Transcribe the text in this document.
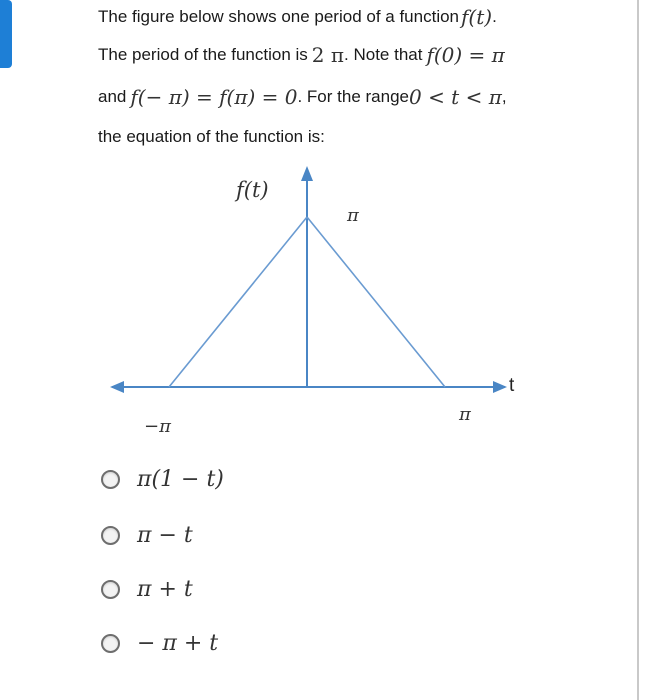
The figure below shows one period of a function f(t) .
The period of the function is 2 π . Note that f(0) = π
and f(− π) = f(π) = 0 . For the range 0 < t < π ,
the equation of the function is:
f(t)
t
π
−π
π
π(1 − t)
π − t
π + t
− π + t
